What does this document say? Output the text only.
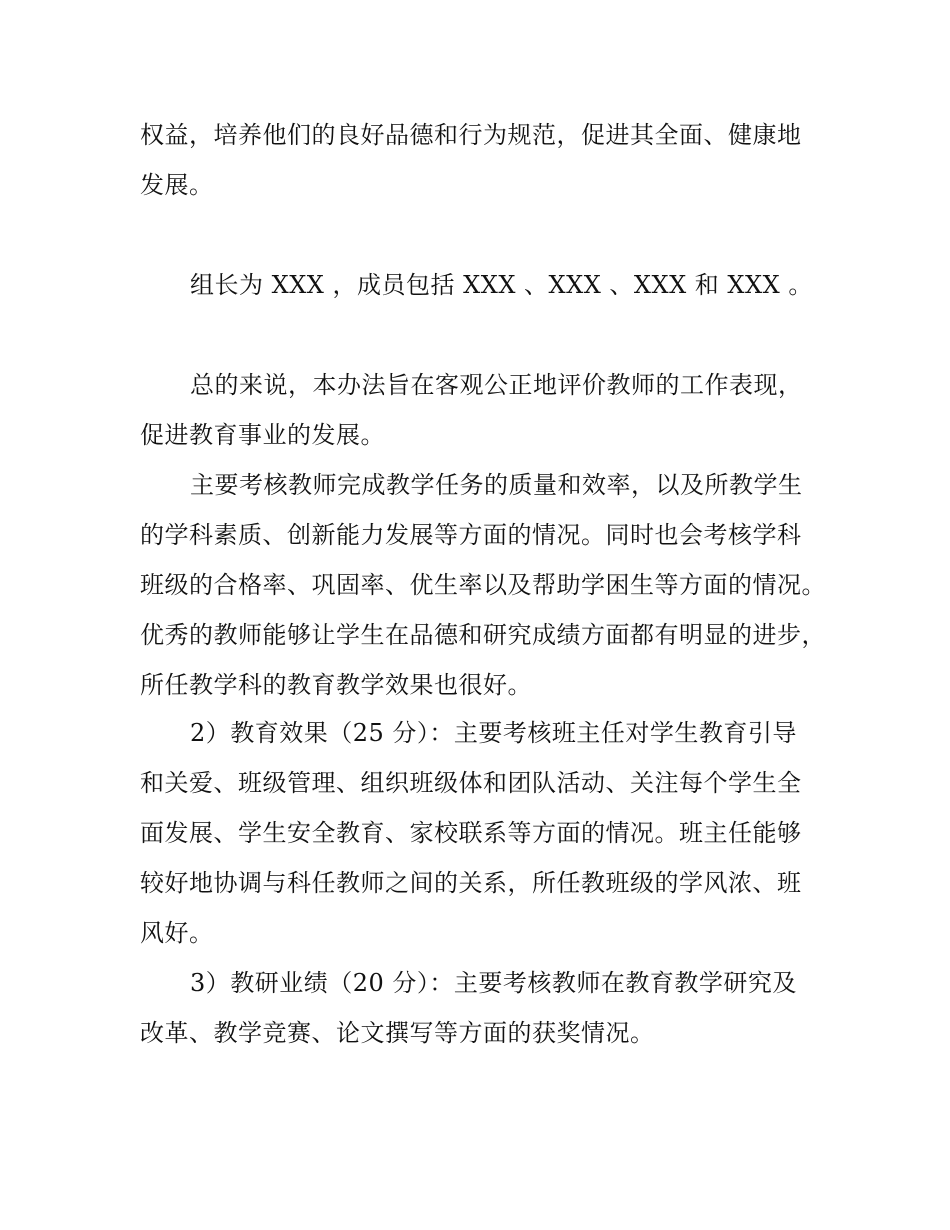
权益，培养他们的良好品德和行为规范，促进其全面、健康地
发展。
组长为 XXX ，成员包括 XXX 、XXX 、XXX 和 XXX 。
总的来说，本办法旨在客观公正地评价教师的工作表现，
促进教育事业的发展。
主要考核教师完成教学任务的质量和效率，以及所教学生
的学科素质、创新能力发展等方面的情况。同时也会考核学科
班级的合格率、巩固率、优生率以及帮助学困生等方面的情况。
优秀的教师能够让学生在品德和研究成绩方面都有明显的进步，
所任教学科的教育教学效果也很好。
2）教育效果（25 分）：主要考核班主任对学生教育引导
和关爱、班级管理、组织班级体和团队活动、关注每个学生全
面发展、学生安全教育、家校联系等方面的情况。班主任能够
较好地协调与科任教师之间的关系，所任教班级的学风浓、班
风好。
3）教研业绩（20 分）：主要考核教师在教育教学研究及
改革、教学竞赛、论文撰写等方面的获奖情况。
